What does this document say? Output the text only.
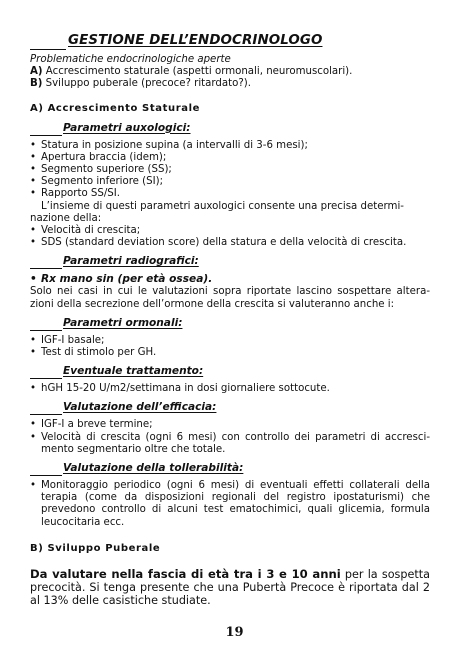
GESTIONE DELL’ENDOCRINOLOGO
Problematiche endocrinologiche aperte
A) Accrescimento staturale (aspetti ormonali, neuromuscolari).
B) Sviluppo puberale (precoce? ritardato?).
A) Accrescimento Staturale
Parametri auxologici:
• Statura in posizione supina (a intervalli di 3-6 mesi);
• Apertura braccia (idem);
• Segmento superiore (SS);
• Segmento inferiore (SI);
• Rapporto SS/SI.
L’insieme di questi parametri auxologici consente una precisa determi-
nazione della:
• Velocità di crescita;
• SDS (standard deviation score) della statura e della velocità di crescita.
Parametri radiografici:
• Rx mano sin (per età ossea).
Solo nei casi in cui le valutazioni sopra riportate lascino sospettare altera- zioni della secrezione dell’ormone della crescita si valuteranno anche i:
Parametri ormonali:
• IGF-I basale;
• Test di stimolo per GH.
Eventuale trattamento:
• hGH 15-20 U/m2/settimana in dosi giornaliere sottocute.
Valutazione dell’efficacia:
• IGF-I a breve termine;
• Velocità di crescita (ogni 6 mesi) con controllo dei parametri di accresci- mento segmentario oltre che totale.
Valutazione della tollerabilità:
• Monitoraggio periodico (ogni 6 mesi) di eventuali effetti collaterali della terapia (come da disposizioni regionali del registro ipostaturismi) che prevedono controllo di alcuni test ematochimici, quali glicemia, formula leucocitaria ecc.
B) Sviluppo Puberale
Da valutare nella fascia di età tra i 3 e 10 anni per la sospetta precocità. Si tenga presente che una Pubertà Precoce è riportata dal 2 al 13% delle casistiche studiate.
19
